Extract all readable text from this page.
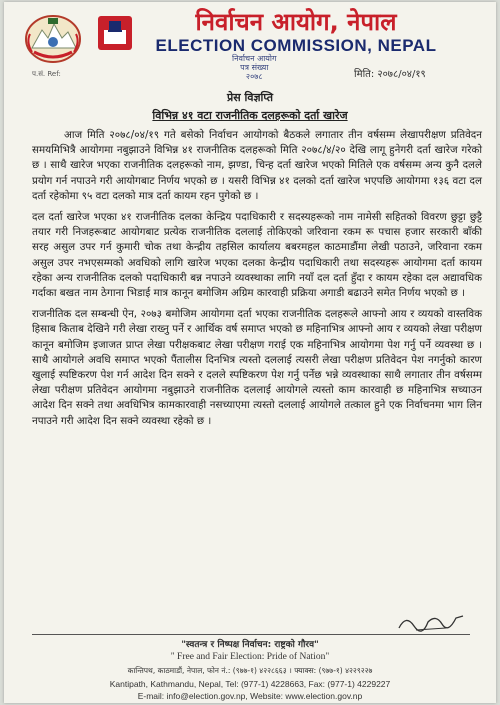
निर्वाचन आयोग, नेपाल
ELECTION COMMISSION, NEPAL
निर्वाचन आयोग
पत्र संख्या
२०७८
प.सं. Ref:	मिति: २०७८/०४/१९
प्रेस विज्ञप्ति
विभिन्न ४१ वटा राजनीतिक दलहरूको दर्ता खारेज

आज मिति २०७८/०४/१९ गते बसेको निर्वाचन आयोगको बैठकले लगातार तीन वर्षसम्म लेखापरीक्षण प्रतिवेदन समयमिभित्रै आयोगमा नबुझाउने विभिन्न ४१ राजनीतिक दलहरूको मिति २०७८/४/२० देखि लागू हुनेगरी दर्ता खारेज गरेको छ । साथै खारेज भएका राजनीतिक दलहरूको नाम, झण्डा, चिन्ह दर्ता खारेज भएको मितिले एक वर्षसम्म अन्य कुनै दलले प्रयोग गर्न नपाउने गरी आयोगबाट निर्णय भएको छ । यसरी विभिन्न ४१ दलको दर्ता खारेज भएपछि आयोगमा १३६ वटा दल दर्ता रहेकोमा ९५ वटा दलको मात्र दर्ता कायम रहन पुगेको छ ।

दल दर्ता खारेज भएका ४१ राजनीतिक दलका केन्द्रिय पदाधिकारी र सदस्यहरूको नाम नामेसी सहितको विवरण छुट्टा छुट्टै तयार गरी निजहरूबाट आयोगबाट प्रत्येक राजनीतिक दललाई तोकिएको जरिवाना रकम रू पचास हजार सरकारी बाँकी सरह असुल उपर गर्न कुमारी चोक तथा केन्द्रीय तहसिल कार्यालय बबरमहल काठमाडौंमा लेखी पठाउने, जरिवाना रकम असुल उपर नभएसम्मको अवधिको लागि खारेज भएका दलका केन्द्रीय पदाधिकारी तथा सदस्यहरू आयोगमा दर्ता कायम रहेका अन्य राजनीतिक दलको पदाधिकारी बन्न नपाउने व्यवस्थाका लागि नयाँ दल दर्ता हुँदा र कायम रहेका दल अद्यावधिक गर्दाका बखत नाम ठेगाना भिडाई मात्र कानून बमोजिम अग्रिम कारवाही प्रक्रिया अगाडी बढाउने समेत निर्णय भएको छ ।

राजनीतिक दल सम्बन्धी ऐन, २०७३ बमोजिम आयोगमा दर्ता भएका राजनीतिक दलहरूले आफ्नो आय र व्ययको वास्तविक हिसाब किताब देखिने गरी लेखा राख्नु पर्ने र आर्थिक वर्ष समाप्त भएको छ महिनाभित्र आफ्नो आय र व्ययको लेखा परीक्षण कानून बमोजिम इजाजत प्राप्त लेखा परीक्षकबाट लेखा परीक्षण गराई एक महिनाभित्र आयोगमा पेश गर्नु पर्ने व्यवस्था छ । साथै आयोगले अवधि समाप्त भएको पैंतालीस दिनभित्र त्यस्तो दललाई त्यसरी लेखा परीक्षण प्रतिवेदन पेश नगर्नुको कारण खुलाई स्पष्टिकरण पेश गर्न आदेश दिन सक्ने र दलले स्पष्टिकरण पेश गर्नु पर्नेछ भन्ने व्यवस्थाका साथै लगातार तीन वर्षसम्म लेखा परीक्षण प्रतिवेदन आयोगमा नबुझाउने राजनीतिक दललाई आयोगले त्यस्तो काम कारवाही छ महिनाभित्र सच्याउन आदेश दिन सक्ने तथा अवधिभित्र कामकारवाही नसच्याएमा त्यस्तो दललाई आयोगले तत्काल हुने एक निर्वाचनमा भाग लिन नपाउने गरी आदेश दिन सक्ने व्यवस्था रहेको छ ।

"स्वतन्त्र र निष्पक्ष निर्वाचन: राष्ट्रको गौरव"
" Free and Fair Election: Pride of Nation"
कान्तिपथ, काठमाडौं, नेपाल, फोन नं.: (९७७-१) ४२२८६६३ । फ्याक्स: (९७७-१) ४२२९२२७
Kantipath, Kathmandu, Nepal, Tel: (977-1) 4228663, Fax: (977-1) 4229227
E-mail: info@election.gov.np, Website: www.election.gov.np
